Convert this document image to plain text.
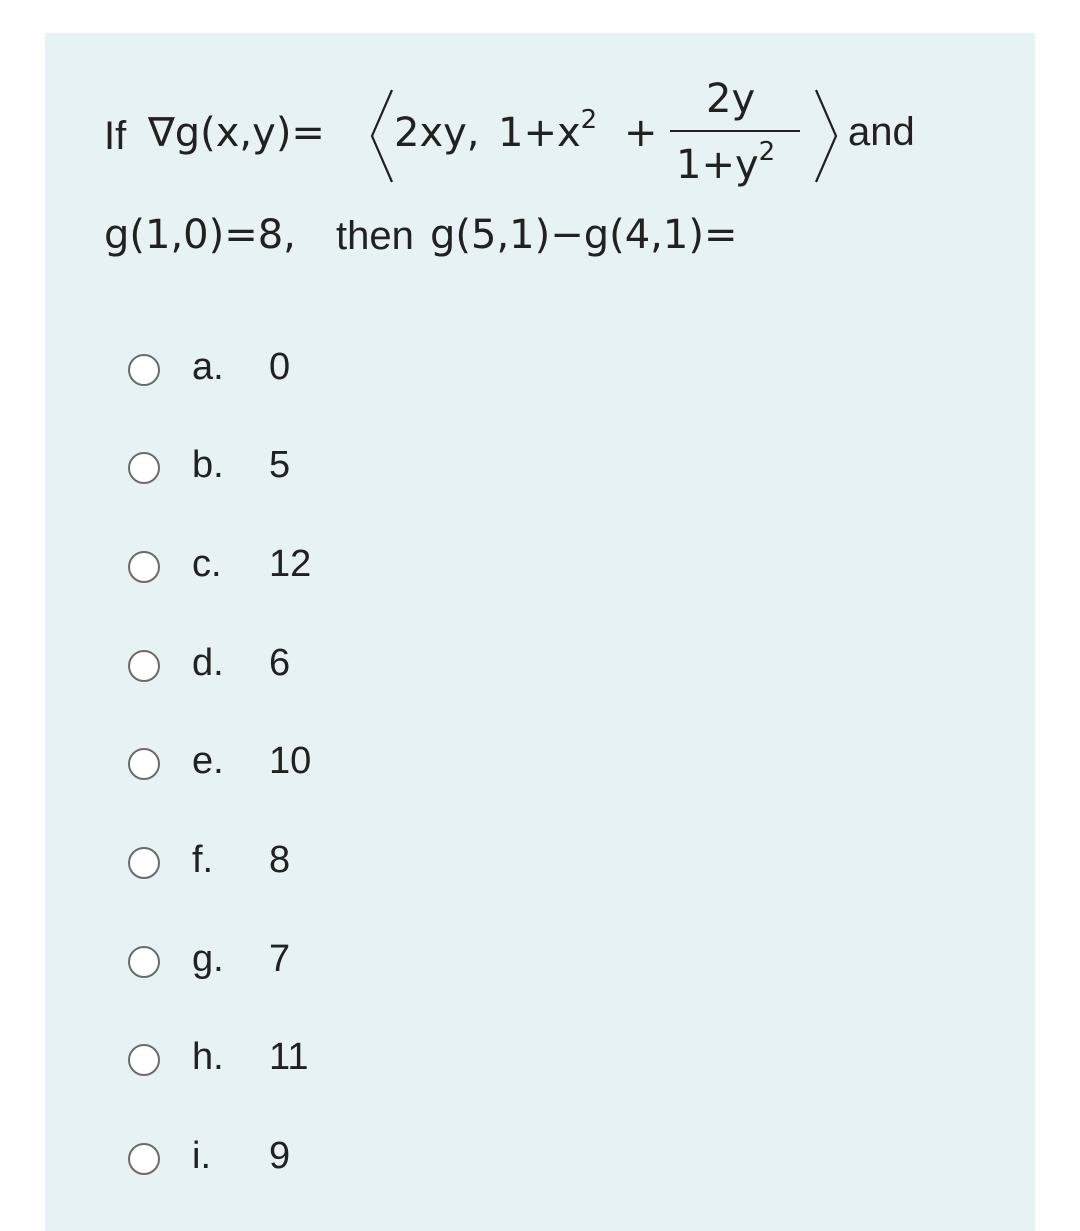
If ∇g(x,y)= 2xy, $1+x^2$ +
2y
$1+y^2$ and
g(1,0)=8, then g(5,1)−g(4,1)=
a. 0
b. 5
c. 12
d. 6
e. 10
f. 8
g. 7
h. 11
i. 9
